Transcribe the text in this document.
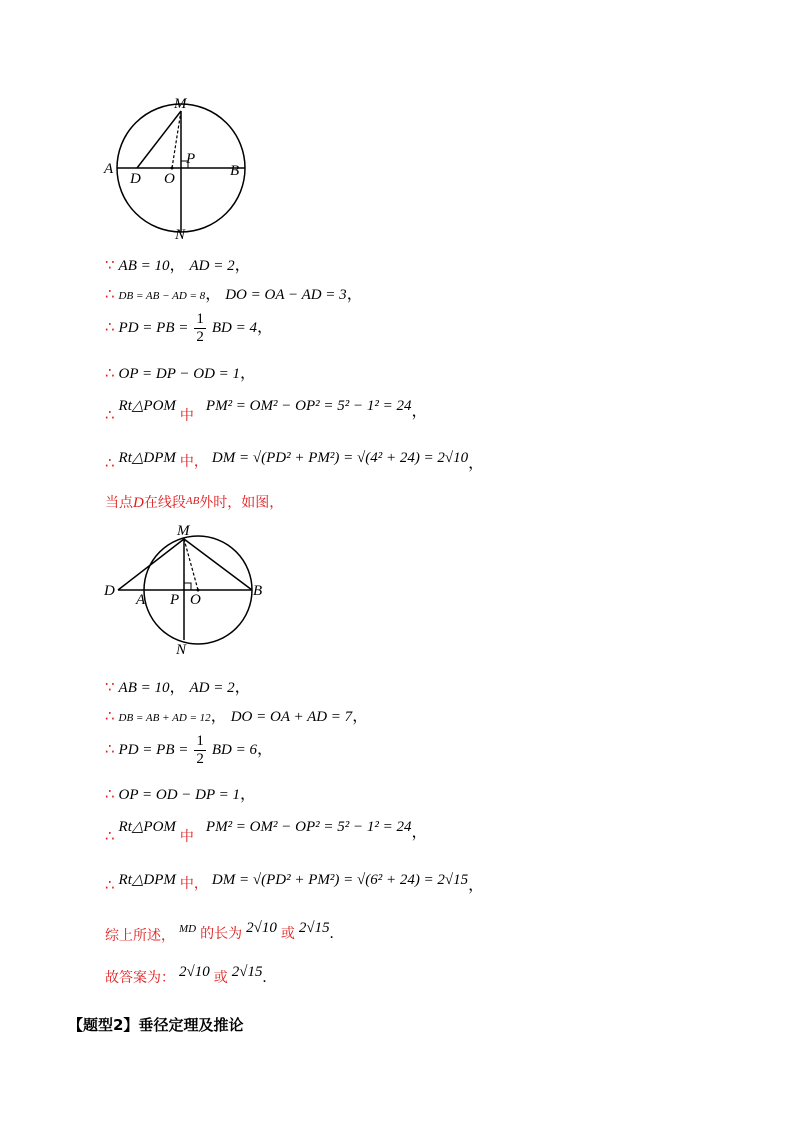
M
A	B
D O
P
N
∵ AB = 10， AD = 2，
∴ DB = AB − AD = 8， DO = OA − AD = 3，
∴ PD = PB = $\frac{1}{2}$ BD = 4，
∴ OP = DP − OD = 1，
∴ Rt△POM 中 PM² = OM² − OP² = 5² − 1² = 24，
∴ Rt△DPM 中， DM = √(PD² + PM²) = √(4² + 24) = 2√10，
当点D在线段AB外时，如图，
M
D
A P O
B
N
∵ AB = 10， AD = 2，
∴ DB = AB + AD = 12， DO = OA + AD = 7，
∴ PD = PB = $\frac{1}{2}$ BD = 6，
∴ OP = OD − DP = 1，
∴ Rt△POM 中 PM² = OM² − OP² = 5² − 1² = 24，
∴ Rt△DPM 中， DM = √(PD² + PM²) = √(6² + 24) = 2√15，
综上所述， MD 的长为 2√10 或 2√15.
故答案为： 2√10 或 2√15.
【题型2】垂径定理及推论
